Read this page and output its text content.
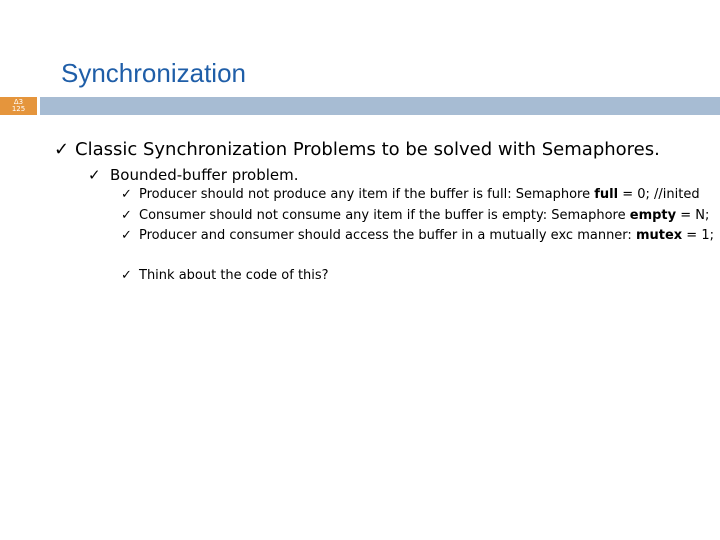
Synchronization
Δ3
125
✓ Classic Synchronization Problems to be solved with Semaphores.
✓ Bounded-buffer problem.
✓ Producer should not produce any item if the buffer is full: Semaphore full = 0; //inited
✓ Consumer should not consume any item if the buffer is empty: Semaphore empty = N;
✓ Producer and consumer should access the buffer in a mutually exc manner: mutex = 1;
✓ Think about the code of this?
